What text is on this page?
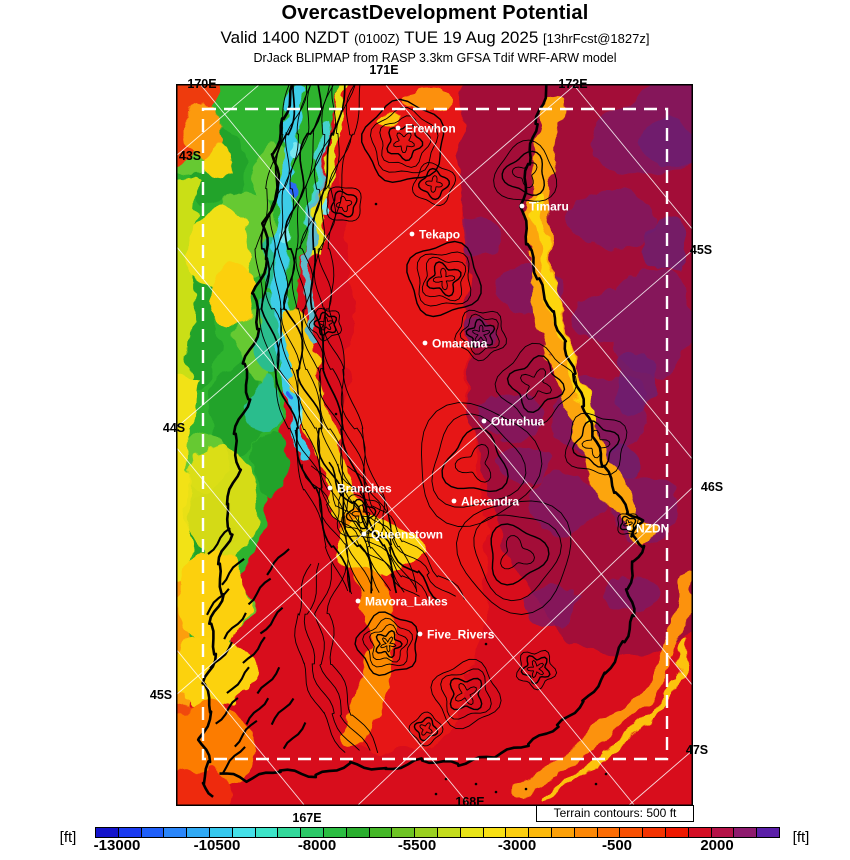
OvercastDevelopment Potential
Valid 1400 NZDT (0100Z) TUE 19 Aug 2025 [13hrFcst@1827z]
DrJack BLIPMAP from RASP 3.3km GFSA Tdif WRF-ARW model
Erewhon
Timaru
Tekapo
Omarama
Oturehua
Branches
Alexandra
Queenstown	NZDN
Mavora_Lakes
Five_Rivers
170E
171E
172E
43S
44S
45S
45S
46S
47S
167E
168E
Terrain contours: 500 ft
[ft]	[ft]
-13000	-10500	-8000	-5500	-3000	-500	2000
